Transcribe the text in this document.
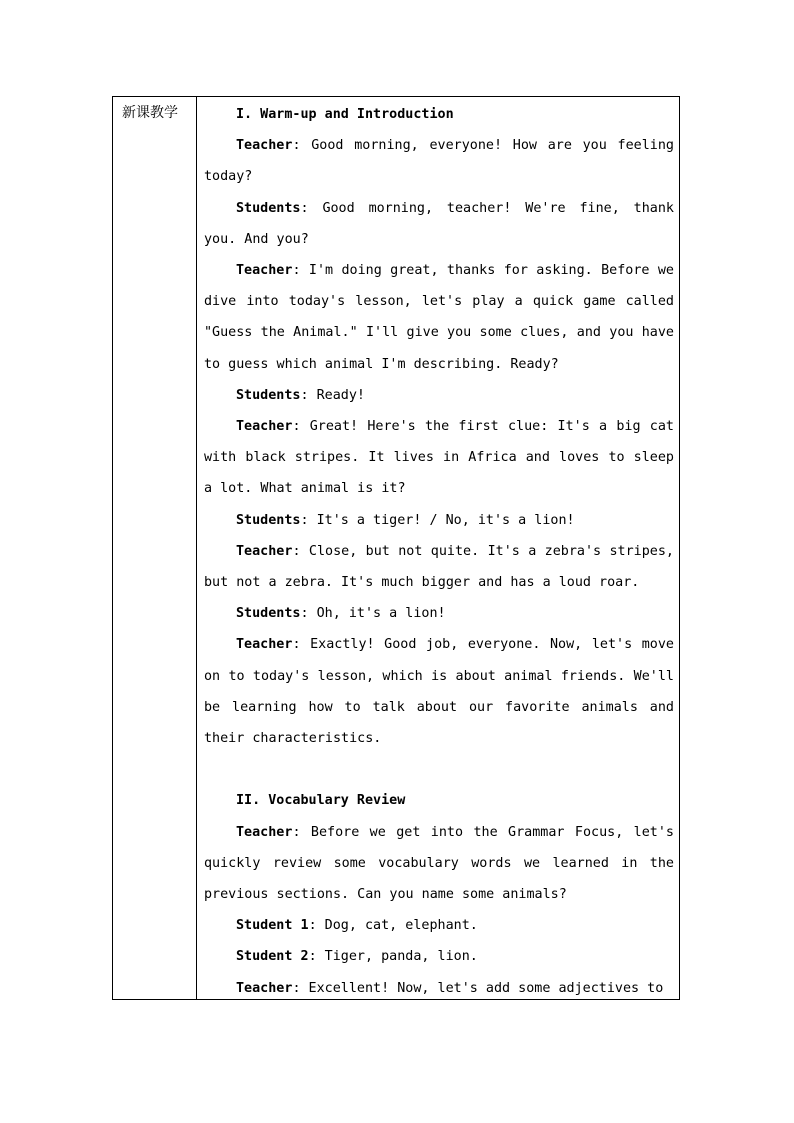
新课教学	I. Warm-up and Introduction

Teacher: Good morning, everyone! How are you feeling today?

Students: Good morning, teacher! We're fine, thank you. And you?

Teacher: I'm doing great, thanks for asking. Before we dive into today's lesson, let's play a quick game called "Guess the Animal." I'll give you some clues, and you have to guess which animal I'm describing. Ready?

Students: Ready!

Teacher: Great! Here's the first clue: It's a big cat with black stripes. It lives in Africa and loves to sleep a lot. What animal is it?

Students: It's a tiger! / No, it's a lion!

Teacher: Close, but not quite. It's a zebra's stripes, but not a zebra. It's much bigger and has a loud roar.

Students: Oh, it's a lion!

Teacher: Exactly! Good job, everyone. Now, let's move on to today's lesson, which is about animal friends. We'll be learning how to talk about our favorite animals and their characteristics.

II. Vocabulary Review

Teacher: Before we get into the Grammar Focus, let's quickly review some vocabulary words we learned in the previous sections. Can you name some animals?

Student 1: Dog, cat, elephant.

Student 2: Tiger, panda, lion.

Teacher: Excellent! Now, let's add some adjectives to
